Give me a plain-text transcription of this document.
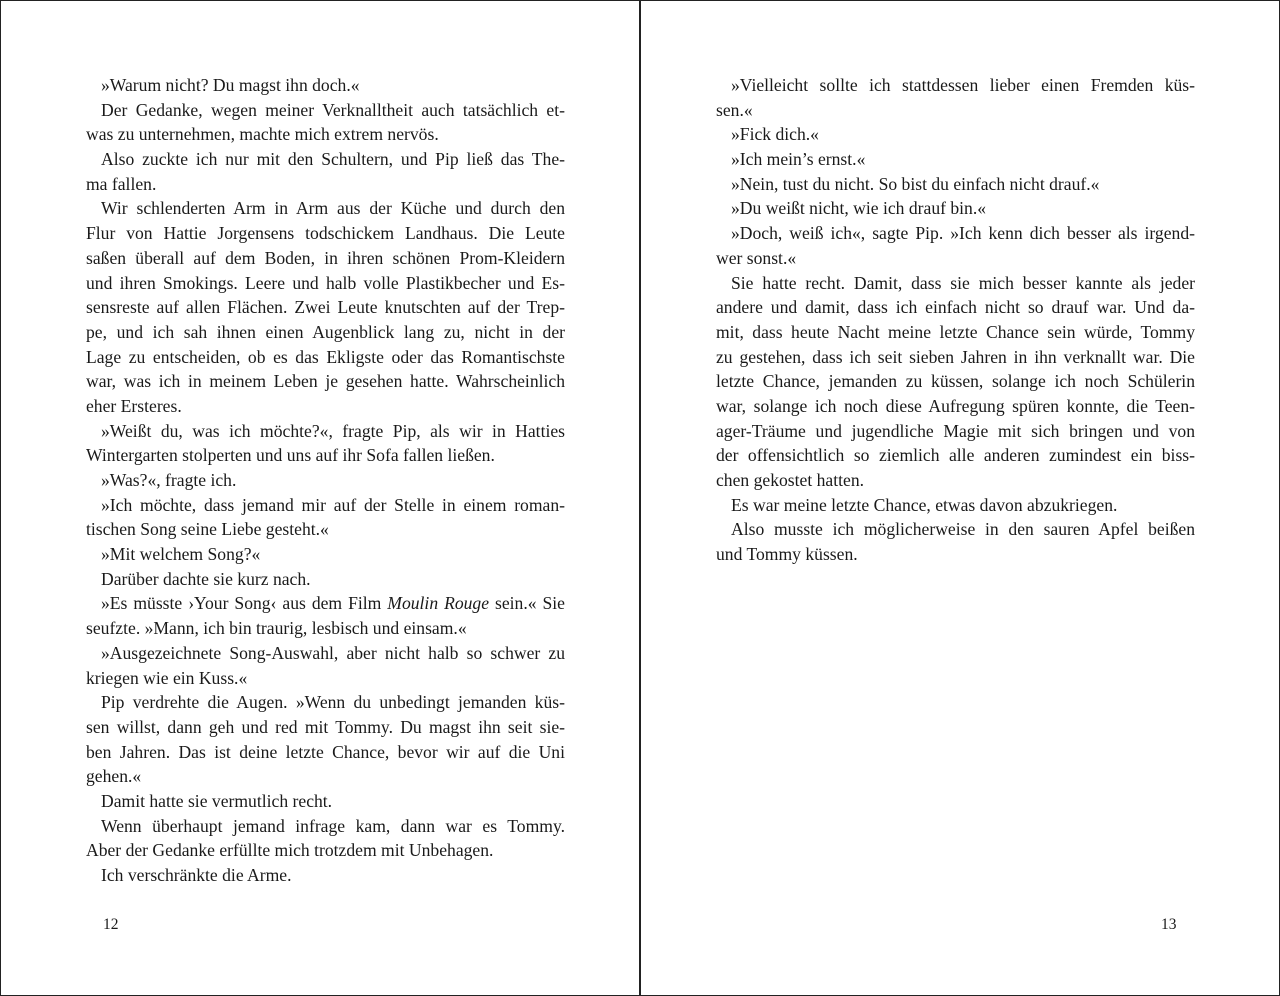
»Warum nicht? Du magst ihn doch.«
Der Gedanke, wegen meiner Verknalltheit auch tatsächlich et-
was zu unternehmen, machte mich extrem nervös.
Also zuckte ich nur mit den Schultern, und Pip ließ das The-
ma fallen.
Wir schlenderten Arm in Arm aus der Küche und durch den
Flur von Hattie Jorgensens todschickem Landhaus. Die Leute
saßen überall auf dem Boden, in ihren schönen Prom-Kleidern
und ihren Smokings. Leere und halb volle Plastikbecher und Es-
sensreste auf allen Flächen. Zwei Leute knutschten auf der Trep-
pe, und ich sah ihnen einen Augenblick lang zu, nicht in der
Lage zu entscheiden, ob es das Ekligste oder das Romantischste
war, was ich in meinem Leben je gesehen hatte. Wahrscheinlich
eher Ersteres.
»Weißt du, was ich möchte?«, fragte Pip, als wir in Hatties
Wintergarten stolperten und uns auf ihr Sofa fallen ließen.
»Was?«, fragte ich.
»Ich möchte, dass jemand mir auf der Stelle in einem roman-
tischen Song seine Liebe gesteht.«
»Mit welchem Song?«
Darüber dachte sie kurz nach.
»Es müsste ›Your Song‹ aus dem Film Moulin Rouge sein.« Sie
seufzte. »Mann, ich bin traurig, lesbisch und einsam.«
»Ausgezeichnete Song-Auswahl, aber nicht halb so schwer zu
kriegen wie ein Kuss.«
Pip verdrehte die Augen. »Wenn du unbedingt jemanden küs-
sen willst, dann geh und red mit Tommy. Du magst ihn seit sie-
ben Jahren. Das ist deine letzte Chance, bevor wir auf die Uni
gehen.«
Damit hatte sie vermutlich recht.
Wenn überhaupt jemand infrage kam, dann war es Tommy.
Aber der Gedanke erfüllte mich trotzdem mit Unbehagen.
Ich verschränkte die Arme.
»Vielleicht sollte ich stattdessen lieber einen Fremden küs-
sen.«
»Fick dich.«
»Ich mein’s ernst.«
»Nein, tust du nicht. So bist du einfach nicht drauf.«
»Du weißt nicht, wie ich drauf bin.«
»Doch, weiß ich«, sagte Pip. »Ich kenn dich besser als irgend-
wer sonst.«
Sie hatte recht. Damit, dass sie mich besser kannte als jeder
andere und damit, dass ich einfach nicht so drauf war. Und da-
mit, dass heute Nacht meine letzte Chance sein würde, Tommy
zu gestehen, dass ich seit sieben Jahren in ihn verknallt war. Die
letzte Chance, jemanden zu küssen, solange ich noch Schülerin
war, solange ich noch diese Aufregung spüren konnte, die Teen-
ager-Träume und jugendliche Magie mit sich bringen und von
der offensichtlich so ziemlich alle anderen zumindest ein biss-
chen gekostet hatten.
Es war meine letzte Chance, etwas davon abzukriegen.
Also musste ich möglicherweise in den sauren Apfel beißen
und Tommy küssen.
12	13
